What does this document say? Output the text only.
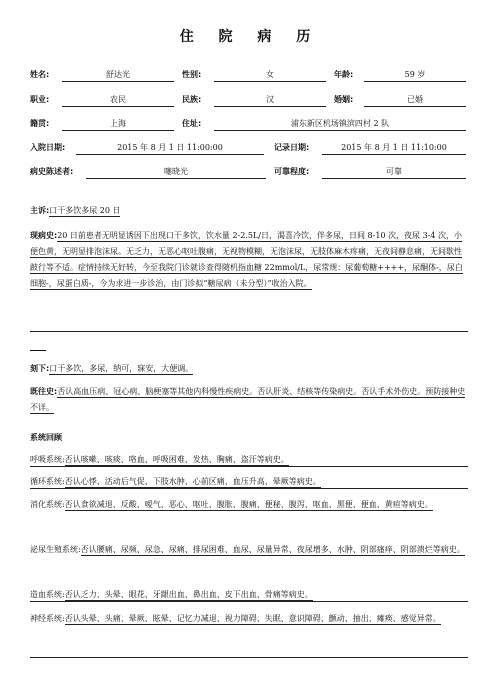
住 院 病 历
姓名:	舒达光	性别:	女	年龄:	59 岁
职业:	农民	民族:	汉	婚姻:	已婚
籍贯:	上海	住址:	浦东新区机场镇滨四村 2 队
入院日期:	2015 年 8 月 1 日 11:00:00	记录日期:	2015 年 8 月 1 日 11:10:00
病史陈述者:	噻晓光	可靠程度:	可靠
主诉:口干多饮多尿 20 日
现病史:20 日前患者无明显诱因下出现口干多饮，饮水量 2-2.5L/日，渴喜冷饮，伴多尿，日间 8-10 次，夜尿 3-4 次，小便色黄，无明显排泡沫尿。无乏力，无恶心呕吐腹痛，无视物模糊，无泡沫尿，无肢体麻木疼痛，无夜间静息痛，无间歇性跛行等不适。症情持续无好转，今至我院门诊就诊查得随机指血糖 22mmol/L，尿常规：尿葡萄糖++++，尿酮体-，尿白细胞-，尿蛋白质-，今为求进一步诊治，由门诊拟“糖尿病（未分型）”收治入院。
刻下:口干多饮，多尿，纳可，寐安，大便调。
既往史:否认高血压病、冠心病、脑梗塞等其他内科慢性疾病史。否认肝炎、结核等传染病史。否认手术外伤史。预防接种史不详。
系统回顾
呼吸系统:否认咳嗽、咳痰、咯血、呼吸困难、发热、胸痛、盗汗等病史。
循环系统:否认心悸、活动后气促、下肢水肿、心前区痛、血压升高、晕厥等病史。
消化系统:否认食欲减退、反酸、嗳气、恶心、呕吐、腹胀、腹痛、便秘、腹泻、呕血、黑便、便血、黄疸等病史。
泌尿生殖系统:否认腰痛、尿频、尿急、尿痛、排尿困难、血尿、尿量异常、夜尿增多、水肿、阴部瘙痒、阴部溃烂等病史。
造血系统:否认乏力、头晕、眼花、牙龈出血、鼻出血、皮下出血、骨痛等病史。
神经系统:否认头晕、头痛、晕厥、眩晕、记忆力减退、视力障碍、失眠、意识障碍、颤动、抽出、瘫痪、感觉异常。
